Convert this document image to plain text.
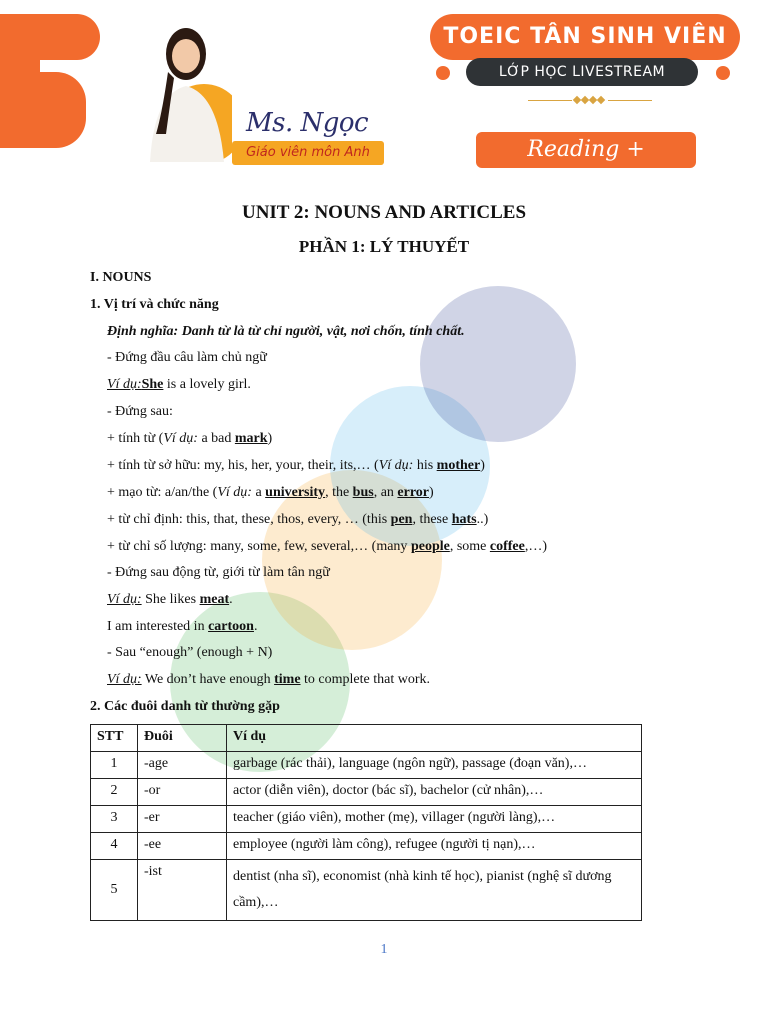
Ms. Ngọc
Giáo viên môn Anh
TOEIC TÂN SINH VIÊN
LỚP HỌC LIVESTREAM
Reading + Listening
UNIT 2: NOUNS AND ARTICLES
PHẦN 1: LÝ THUYẾT
I. NOUNS
1. Vị trí và chức năng
Định nghĩa: Danh từ là từ chỉ người, vật, nơi chốn, tính chất.
- Đứng đầu câu làm chủ ngữ
Ví dụ:She is a lovely girl.
- Đứng sau:
+ tính từ (Ví dụ: a bad mark)
+ tính từ sở hữu: my, his, her, your, their, its,… (Ví dụ: his mother)
+ mạo từ: a/an/the (Ví dụ: a university, the bus, an error)
+ từ chỉ định: this, that, these, thos, every, … (this pen, these hats..)
+ từ chỉ số lượng: many, some, few, several,… (many people, some coffee,…)
- Đứng sau động từ, giới từ làm tân ngữ
Ví dụ: She likes meat.
I am interested in cartoon.
- Sau “enough” (enough + N)
Ví dụ: We don’t have enough time to complete that work.
2. Các đuôi danh từ thường gặp
STT	Đuôi	Ví dụ
1	-age	garbage (rác thải), language (ngôn ngữ), passage (đoạn văn),…
2	-or	actor (diễn viên), doctor (bác sĩ), bachelor (cử nhân),…
3	-er	teacher (giáo viên), mother (mẹ), villager (người làng),…
4	-ee	employee (người làm công), refugee (người tị nạn),…
5	-ist	dentist (nha sĩ), economist (nhà kinh tế học), pianist (nghệ sĩ dương cầm),…
1
